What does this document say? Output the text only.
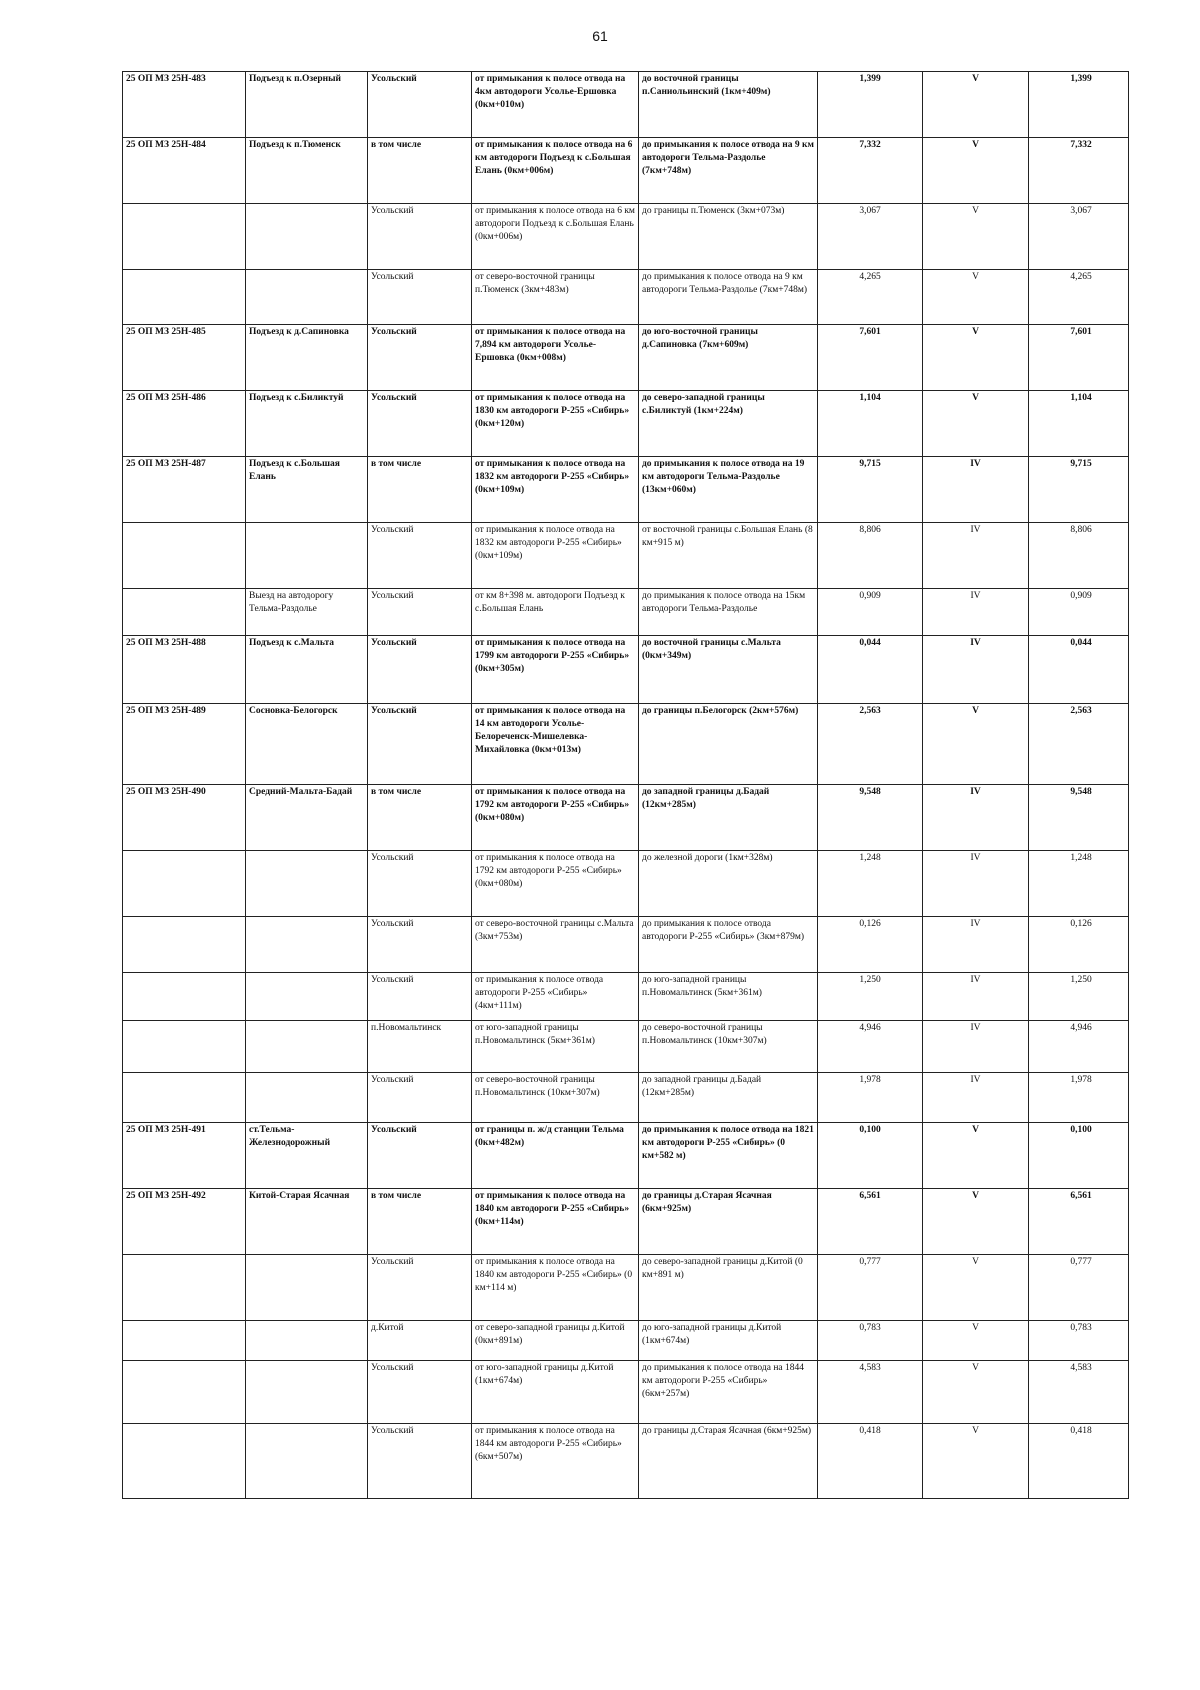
61
25 ОП МЗ 25Н-483	Подъезд к п.Озерный	Усольский	от примыкания к полосе отвода на 4км автодороги Усолье-Ершовка (0км+010м)	до восточной границы п.Саниольинский (1км+409м)	1,399	V	1,399
25 ОП МЗ 25Н-484	Подъезд к п.Тюменск	в том числе	от примыкания к полосе отвода на 6 км автодороги Подъезд к с.Большая Елань (0км+006м)	до примыкания к полосе отвода на 9 км автодороги Тельма-Раздолье (7км+748м)	7,332	V	7,332
		Усольский	от примыкания к полосе отвода на 6 км автодороги Подъезд к с.Большая Елань (0км+006м)	до границы п.Тюменск (3км+073м)	3,067	V	3,067
		Усольский	от северо-восточной границы п.Тюменск (3км+483м)	до примыкания к полосе отвода на 9 км автодороги Тельма-Раздолье (7км+748м)	4,265	V	4,265
25 ОП МЗ 25Н-485	Подъезд к д.Сапиновка	Усольский	от примыкания к полосе отвода на 7,894 км автодороги Усолье-Ершовка (0км+008м)	до юго-восточной границы д.Сапиновка (7км+609м)	7,601	V	7,601
25 ОП МЗ 25Н-486	Подъезд к с.Биликтуй	Усольский	от примыкания к полосе отвода на 1830 км автодороги Р-255 «Сибирь» (0км+120м)	до северо-западной границы с.Биликтуй (1км+224м)	1,104	V	1,104
25 ОП МЗ 25Н-487	Подъезд к с.Большая Елань	в том числе	от примыкания к полосе отвода на 1832 км автодороги Р-255 «Сибирь» (0км+109м)	до примыкания к полосе отвода на 19 км автодороги Тельма-Раздолье (13км+060м)	9,715	IV	9,715
		Усольский	от примыкания к полосе отвода на 1832 км автодороги Р-255 «Сибирь» (0км+109м)	от восточной границы с.Большая Елань (8 км+915 м)	8,806	IV	8,806
	Выезд на автодорогу Тельма-Раздолье	Усольский	от км 8+398 м. автодороги Подъезд к с.Большая Елань	до примыкания к полосе отвода на 15км автодороги Тельма-Раздолье	0,909	IV	0,909
25 ОП МЗ 25Н-488	Подъезд к с.Мальта	Усольский	от примыкания к полосе отвода на 1799 км автодороги Р-255 «Сибирь» (0км+305м)	до восточной границы с.Мальта (0км+349м)	0,044	IV	0,044
25 ОП МЗ 25Н-489	Сосновка-Белогорск	Усольский	от примыкания к полосе отвода на 14 км автодороги Усолье-Белореченск-Мишелевка-Михайловка (0км+013м)	до границы п.Белогорск (2км+576м)	2,563	V	2,563
25 ОП МЗ 25Н-490	Средний-Мальта-Бадай	в том числе	от примыкания к полосе отвода на 1792 км автодороги Р-255 «Сибирь» (0км+080м)	до западной границы д.Бадай (12км+285м)	9,548	IV	9,548
		Усольский	от примыкания к полосе отвода на 1792 км автодороги Р-255 «Сибирь» (0км+080м)	до железной дороги (1км+328м)	1,248	IV	1,248
		Усольский	от северо-восточной границы с.Мальта (3км+753м)	до примыкания к полосе отвода автодороги Р-255 «Сибирь» (3км+879м)	0,126	IV	0,126
		Усольский	от примыкания к полосе отвода автодороги Р-255 «Сибирь» (4км+111м)	до юго-западной границы п.Новомальтинск (5км+361м)	1,250	IV	1,250
		п.Новомальтинск	от юго-западной границы п.Новомальтинск (5км+361м)	до северо-восточной границы п.Новомальтинск (10км+307м)	4,946	IV	4,946
		Усольский	от северо-восточной границы п.Новомальтинск (10км+307м)	до западной границы д.Бадай (12км+285м)	1,978	IV	1,978
25 ОП МЗ 25Н-491	ст.Тельма-Железнодорожный	Усольский	от границы п. ж/д станции Тельма (0км+482м)	до примыкания к полосе отвода на 1821 км автодороги Р-255 «Сибирь» (0 км+582 м)	0,100	V	0,100
25 ОП МЗ 25Н-492	Китой-Старая Ясачная	в том числе	от примыкания к полосе отвода на 1840 км автодороги Р-255 «Сибирь» (0км+114м)	до границы д.Старая Ясачная (6км+925м)	6,561	V	6,561
		Усольский	от примыкания к полосе отвода на 1840 км автодороги Р-255 «Сибирь» (0 км+114 м)	до северо-западной границы д.Китой (0 км+891 м)	0,777	V	0,777
		д.Китой	от северо-западной границы д.Китой (0км+891м)	до юго-западной границы д.Китой (1км+674м)	0,783	V	0,783
		Усольский	от юго-западной границы д.Китой (1км+674м)	до примыкания к полосе отвода на 1844 км автодороги Р-255 «Сибирь» (6км+257м)	4,583	V	4,583
		Усольский	от примыкания к полосе отвода на 1844 км автодороги Р-255 «Сибирь» (6км+507м)	до границы д.Старая Ясачная (6км+925м)	0,418	V	0,418
